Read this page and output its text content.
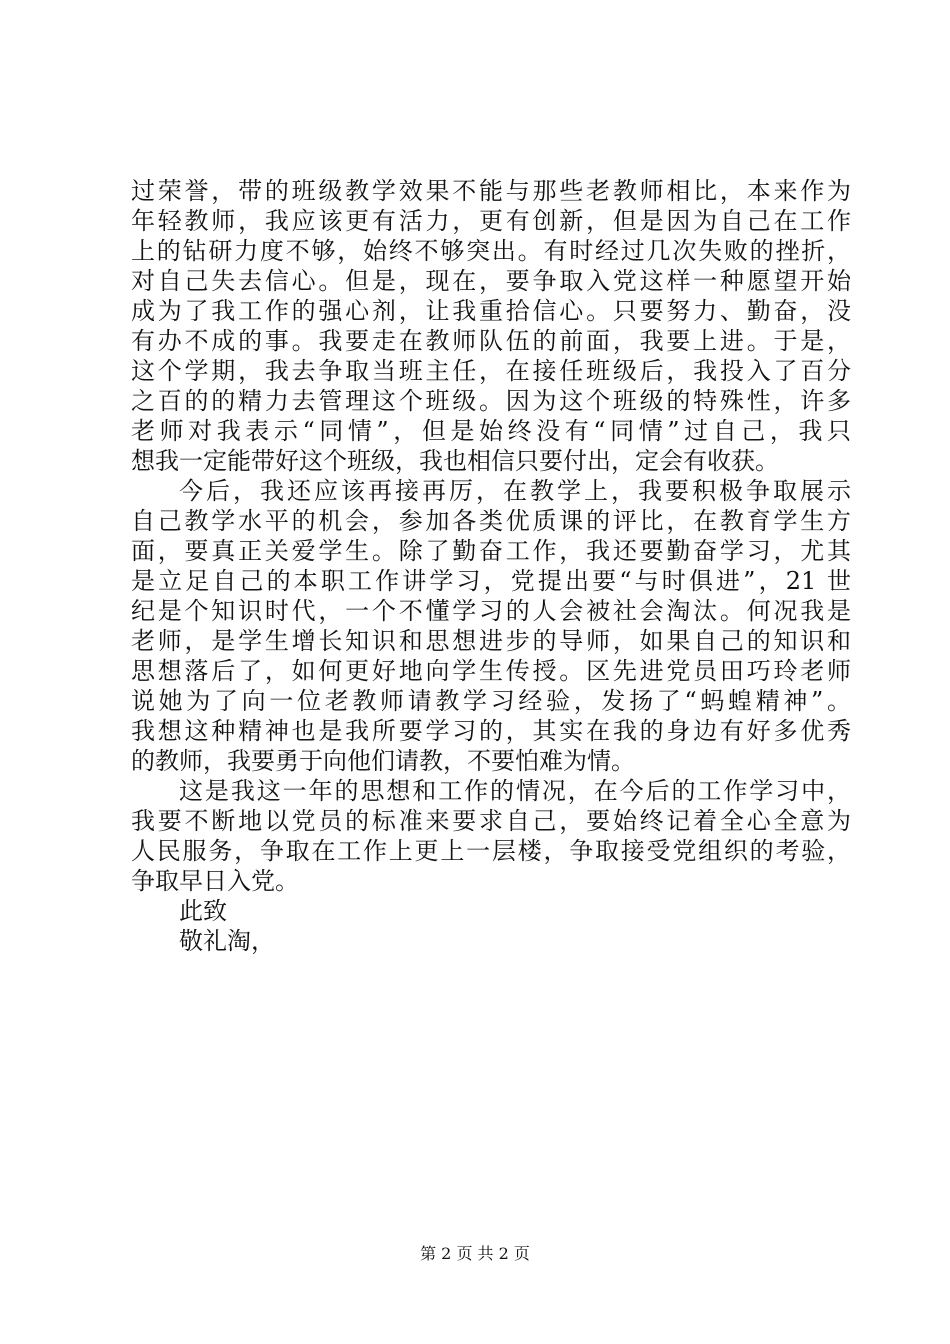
过荣誉，带的班级教学效果不能与那些老教师相比，本来作为
年轻教师，我应该更有活力，更有创新，但是因为自己在工作
上的钻研力度不够，始终不够突出。有时经过几次失败的挫折，
对自己失去信心。但是，现在，要争取入党这样一种愿望开始
成为了我工作的强心剂，让我重拾信心。只要努力、勤奋，没
有办不成的事。我要走在教师队伍的前面，我要上进。于是，
这个学期，我去争取当班主任，在接任班级后，我投入了百分
之百的的精力去管理这个班级。因为这个班级的特殊性，许多
老师对我表示“同情”，但是始终没有“同情”过自己，我只
想我一定能带好这个班级，我也相信只要付出，定会有收获。
今后，我还应该再接再厉，在教学上，我要积极争取展示
自己教学水平的机会，参加各类优质课的评比，在教育学生方
面，要真正关爱学生。除了勤奋工作，我还要勤奋学习，尤其
是立足自己的本职工作讲学习，党提出要“与时俱进”，21 世
纪是个知识时代，一个不懂学习的人会被社会淘汰。何况我是
老师，是学生增长知识和思想进步的导师，如果自己的知识和
思想落后了，如何更好地向学生传授。区先进党员田巧玲老师
说她为了向一位老教师请教学习经验，发扬了“蚂蝗精神”。
我想这种精神也是我所要学习的，其实在我的身边有好多优秀
的教师，我要勇于向他们请教，不要怕难为情。
这是我这一年的思想和工作的情况，在今后的工作学习中，
我要不断地以党员的标准来要求自己，要始终记着全心全意为
人民服务，争取在工作上更上一层楼，争取接受党组织的考验，
争取早日入党。
此致
敬礼淘，
第 2 页 共 2 页
